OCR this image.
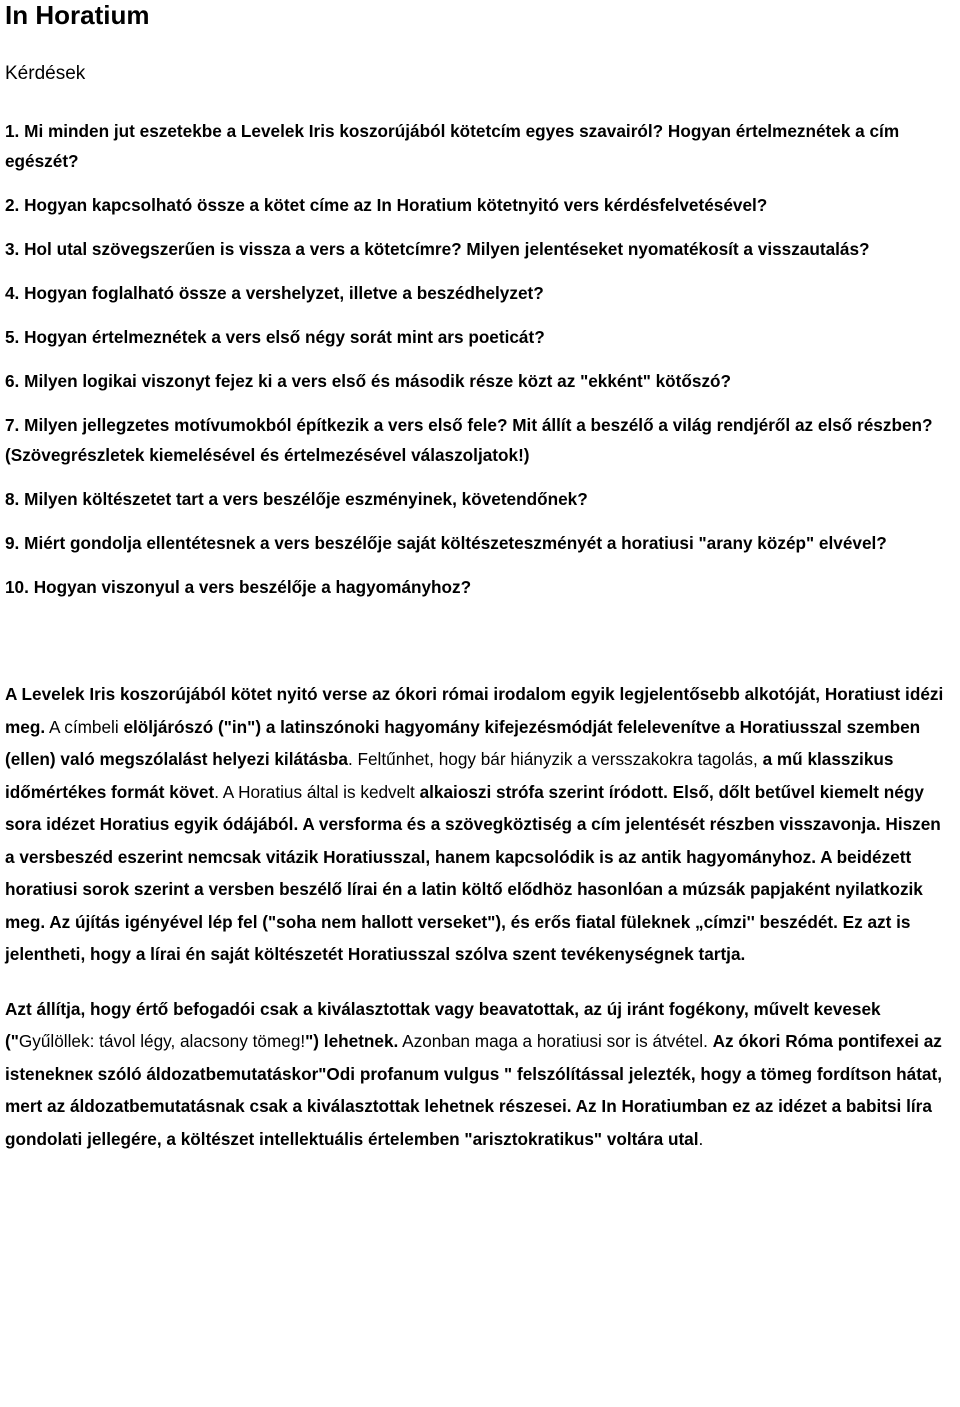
In Horatium
Kérdések

1. Mi minden jut eszetekbe a Levelek Iris koszorújából kötetcím egyes szavairól? Hogyan értelmeznétek a cím egészét?

2. Hogyan kapcsolható össze a kötet címe az In Horatium kötetnyitó vers kérdésfelvetésével?

3. Hol utal szövegszerűen is vissza a vers a kötetcímre? Milyen jelentéseket nyomatékosít a visszautalás?

4. Hogyan foglalható össze a vershelyzet, illetve a beszédhelyzet?

5. Hogyan értelmeznétek a vers első négy sorát mint ars poeticát?

6. Milyen logikai viszonyt fejez ki a vers első és második része közt az "ekként" kötőszó?

7. Milyen jellegzetes motívumokból építkezik a vers első fele? Mit állít a beszélő a világ rendjéről az első részben? (Szövegrészletek kiemelésével és értelmezésével válaszoljatok!)

8. Milyen költészetet tart a vers beszélője eszményinek, követendőnek?

9. Miért gondolja ellentétesnek a vers beszélője saját költészeteszményét a horatiusi "arany közép" elvével?

10. Hogyan viszonyul a vers beszélője a hagyományhoz?

A Levelek Iris koszorújából kötet nyitó verse az ókori római irodalom egyik legjelentősebb alkotóját, Horatiust idézi meg. A címbeli elöljárószó ("in") a latinszónoki hagyomány kifejezésmódját felelevenítve a Horatiusszal szemben (ellen) való megszólalást helyezi kilátásba. Feltűnhet, hogy bár hiányzik a versszakokra tagolás, a mű klasszikus időmértékes formát követ. A Horatius által is kedvelt alkaioszi strófa szerint íródott. Első, dőlt betűvel kiemelt négy sora idézet Horatius egyik ódájából. A versforma és a szövegköztiség a cím jelentését részben visszavonja. Hiszen a versbeszéd eszerint nemcsak vitázik Horatiusszal, hanem kapcsolódik is az antik hagyományhoz. A beidézett horatiusi sorok szerint a versben beszélő lírai én a latin költő elődhöz hasonlóan a múzsák papjaként nyilatkozik meg. Az újítás igényével lép fel ("soha nem hallott verseket"), és erős fiatal füleknek „címzi'' beszédét. Ez azt is jelentheti, hogy a lírai én saját költészetét Horatiusszal szólva szent tevékenységnek tartja.

Azt állítja, hogy értő befogadói csak a kiválasztottak vagy beavatottak, az új iránt fogékony, művelt kevesek ("Gyűlöllek: távol légy, alacsony tömeg!") lehetnek. Azonban maga a horatiusi sor is átvétel. Az ókori Róma pontifexei az istenekneк szóló áldozatbemutatáskor"Odi profanum vulgus " felszólítással jelezték, hogy a tömeg fordítson hátat, mert az áldozatbemutatásnak csak a kiválasztottak lehetnek részesei. Az In Horatiumban ez az idézet a babitsi líra gondolati jellegére, a költészet intellektuális értelemben "arisztokratikus" voltára utal.
